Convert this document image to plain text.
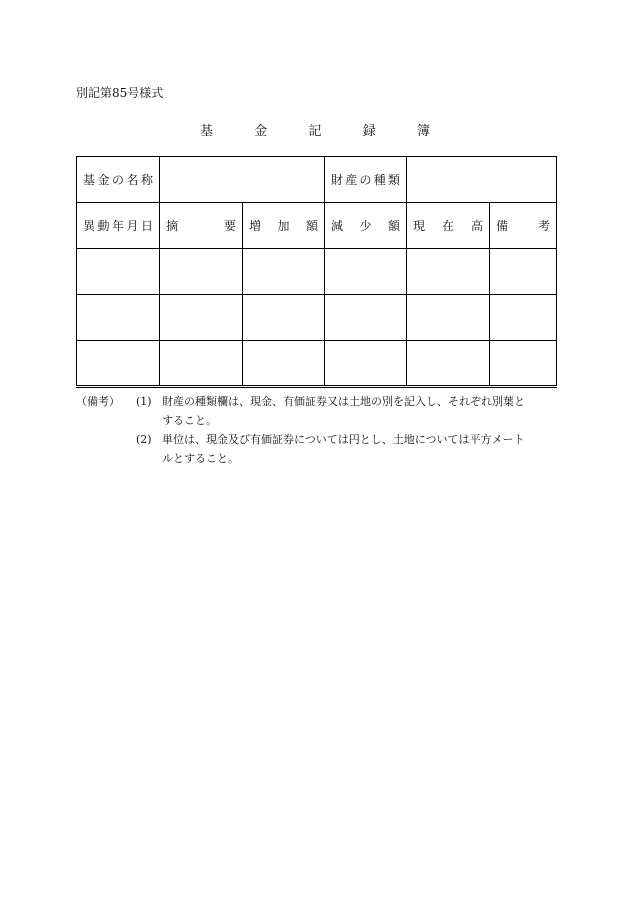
別記第85号様式
基	金	記	録	簿
基 金 の 名 称			財 産 の 種 類		

異 動 年 月 日	摘 要	増 加 額	減 少 額	現 在 高	備 考

（備考）	(1) 財産の種類欄は、現金、有価証券又は土地の別を記入し、それぞれ別葉と
すること。
(2) 単位は、現金及び有価証券については円とし、土地については平方メート
ルとすること。
